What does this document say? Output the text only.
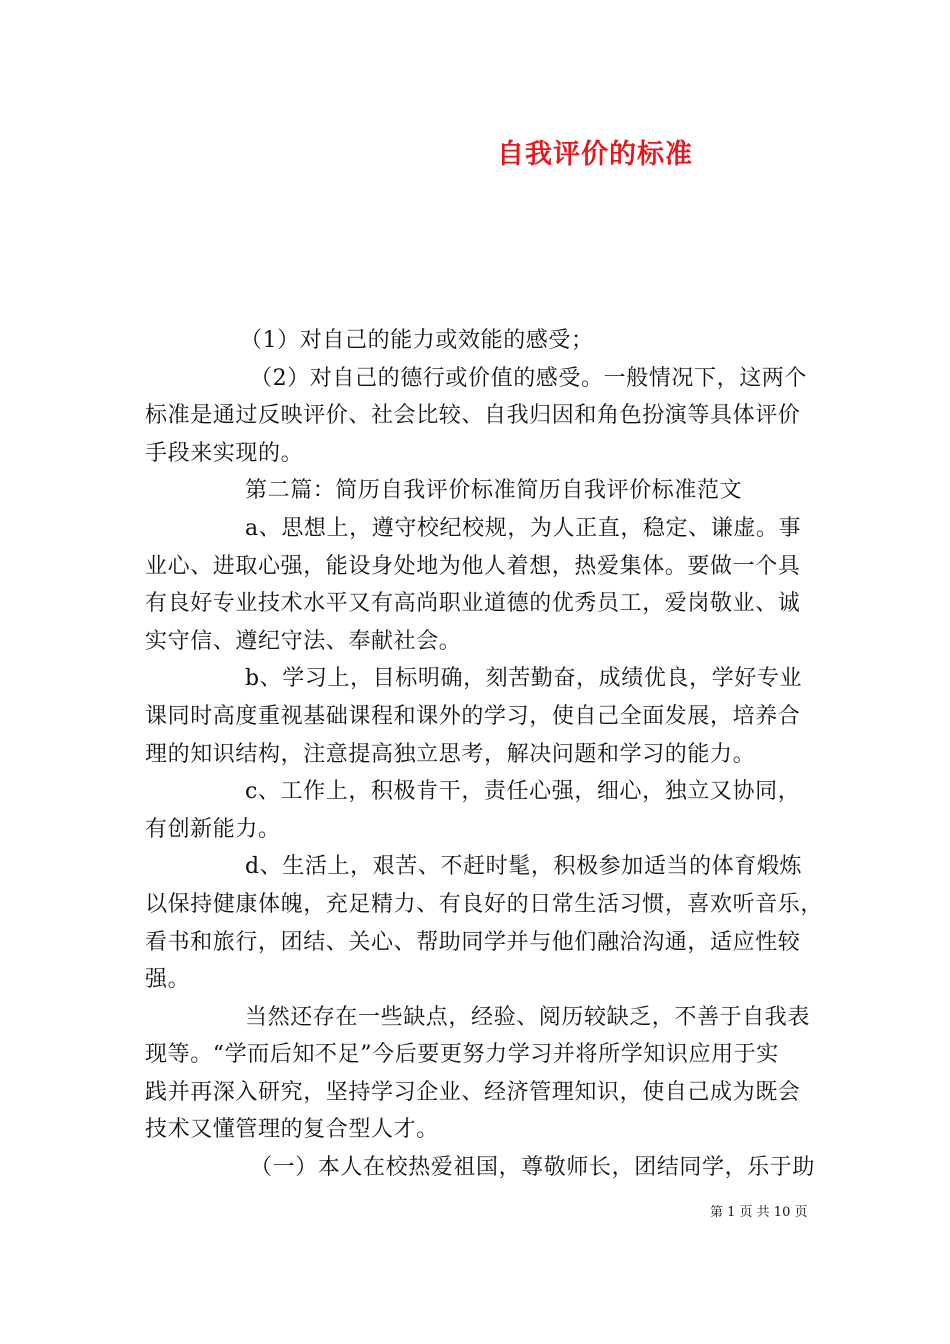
自我评价的标准
（1）对自己的能力或效能的感受；
（2）对自己的德行或价值的感受。一般情况下，这两个
标准是通过反映评价、社会比较、自我归因和角色扮演等具体评价
手段来实现的。
第二篇：简历自我评价标准简历自我评价标准范文
a、思想上，遵守校纪校规，为人正直，稳定、谦虚。事
业心、进取心强，能设身处地为他人着想，热爱集体。要做一个具
有良好专业技术水平又有高尚职业道德的优秀员工，爱岗敬业、诚
实守信、遵纪守法、奉献社会。
b、学习上，目标明确，刻苦勤奋，成绩优良，学好专业
课同时高度重视基础课程和课外的学习，使自己全面发展，培养合
理的知识结构，注意提高独立思考，解决问题和学习的能力。
c、工作上，积极肯干，责任心强，细心，独立又协同，
有创新能力。
d、生活上，艰苦、不赶时髦，积极参加适当的体育煅炼
以保持健康体魄，充足精力、有良好的日常生活习惯，喜欢听音乐，
看书和旅行，团结、关心、帮助同学并与他们融洽沟通，适应性较
强。
当然还存在一些缺点，经验、阅历较缺乏，不善于自我表
现等。“学而后知不足”今后要更努力学习并将所学知识应用于实
践并再深入研究，坚持学习企业、经济管理知识，使自己成为既会
技术又懂管理的复合型人才。
（一）本人在校热爱祖国，尊敬师长，团结同学，乐于助
第 1 页 共 10 页
